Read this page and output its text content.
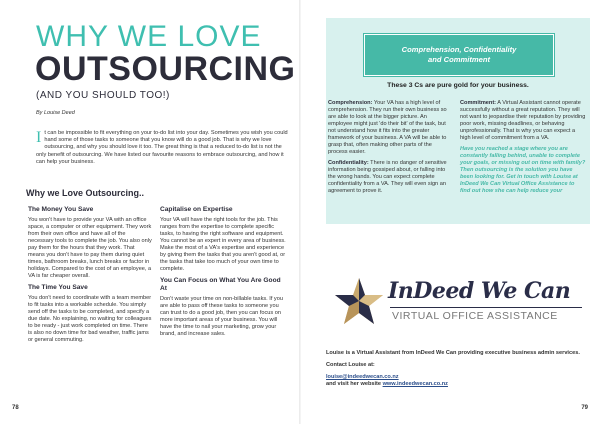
WHY WE LOVE
OUTSOURCING
(AND YOU SHOULD TOO!)
By Louise Deed
It can be impossible to fit everything on your to-do list into your day. Sometimes you wish you could hand some of those tasks to someone that you know will do a good job. That is why we love outsourcing, and why you should love it too. The great thing is that a reduced to-do list is not the only benefit of outsourcing. We have listed our favourite reasons to embrace outsourcing, and how it can help your business.
Why we Love Outsourcing..
The Money You Save

You won't have to provide your VA with an office space, a computer or other equipment. They work from their own office and have all of the necessary tools to complete the job. You also only pay them for the hours that they work. That means you don't have to pay them during quiet times, bathroom breaks, lunch breaks or factor in holidays. Compared to the cost of an employee, a VA is far cheaper overall.

The Time You Save

You don't need to coordinate with a team member to fit tasks into a workable schedule. You simply send off the tasks to be completed, and specify a due date. No explaining, no waiting for colleagues to be ready - just work completed on time. There is also no down time for bad weather, traffic jams or general commuting.

Capitalise on Expertise

Your VA will have the right tools for the job. This ranges from the expertise to complete specific tasks, to having the right software and equipment. You cannot be an expert in every area of business. Make the most of a VA's expertise and experience by giving them the tasks that you aren't good at, or the tasks that take too much of your own time to complete.

You Can Focus on What You Are Good At

Don't waste your time on non-billable tasks. If you are able to pass off these tasks to someone you can trust to do a good job, then you can focus on more important areas of your business. You will have the time to nail your marketing, grow your brand, and increase sales.

78
Comprehension, Confidentiality
and Commitment
These 3 Cs are pure gold for your business.

Comprehension: Your VA has a high level of comprehension. They run their own business so are able to look at the bigger picture. An employee might just 'do their bit' of the task, but not understand how it fits into the greater framework of your business. A VA will be able to grasp that, often making other parts of the process easier.

Confidentiality: There is no danger of sensitive information being gossiped about, or falling into the wrong hands. You can expect complete confidentiality from a VA. They will even sign an agreement to prove it.

Commitment: A Virtual Assistant cannot operate successfully without a great reputation. They will not want to jeopardise their reputation by providing poor work, missing deadlines, or behaving unprofessionally. That is why you can expect a high level of commitment from a VA.

Have you reached a stage where you are constantly falling behind, unable to complete your goals, or missing out on time with family? Then outsourcing is the solution you have been looking for. Get in touch with Louise at InDeed We Can Virtual Office Assistance to find out how she can help reduce your

InDeed We Can
VIRTUAL OFFICE ASSISTANCE

Louise is a Virtual Assistant from InDeed We Can providing executive business admin services.

Contact Louise at:

louise@indeedwecan.co.nz
and visit her website www.indeedwecan.co.nz

79
